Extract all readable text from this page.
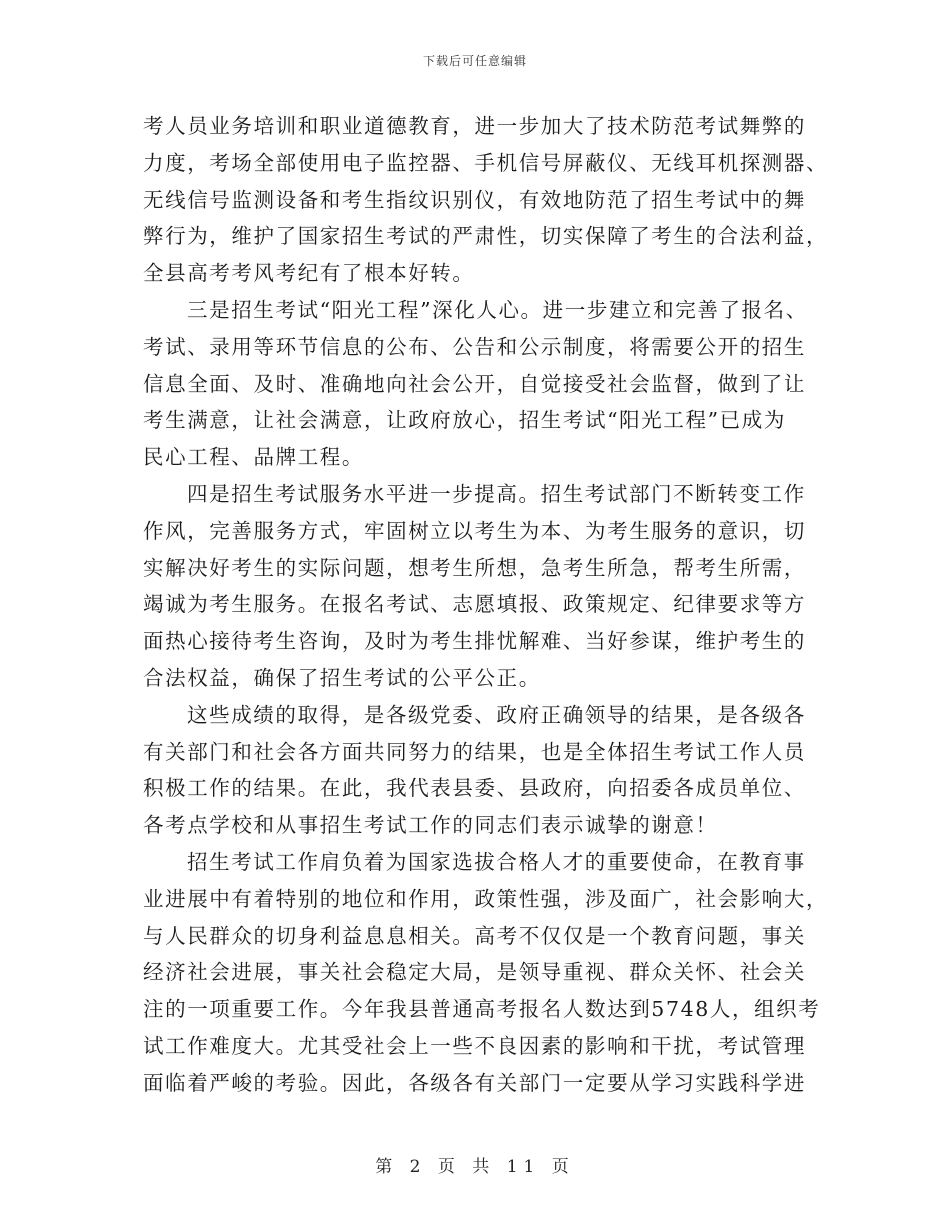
下载后可任意编辑
考人员业务培训和职业道德教育，进一步加大了技术防范考试舞弊的
力度，考场全部使用电子监控器、手机信号屏蔽仪、无线耳机探测器、
无线信号监测设备和考生指纹识别仪，有效地防范了招生考试中的舞
弊行为，维护了国家招生考试的严肃性，切实保障了考生的合法利益，
全县高考考风考纪有了根本好转。
三是招生考试“阳光工程”深化人心。进一步建立和完善了报名、
考试、录用等环节信息的公布、公告和公示制度，将需要公开的招生
信息全面、及时、准确地向社会公开，自觉接受社会监督，做到了让
考生满意，让社会满意，让政府放心，招生考试“阳光工程”已成为
民心工程、品牌工程。
四是招生考试服务水平进一步提高。招生考试部门不断转变工作
作风，完善服务方式，牢固树立以考生为本、为考生服务的意识，切
实解决好考生的实际问题，想考生所想，急考生所急，帮考生所需，
竭诚为考生服务。在报名考试、志愿填报、政策规定、纪律要求等方
面热心接待考生咨询，及时为考生排忧解难、当好参谋，维护考生的
合法权益，确保了招生考试的公平公正。
这些成绩的取得，是各级党委、政府正确领导的结果，是各级各
有关部门和社会各方面共同努力的结果，也是全体招生考试工作人员
积极工作的结果。在此，我代表县委、县政府，向招委各成员单位、
各考点学校和从事招生考试工作的同志们表示诚挚的谢意！
招生考试工作肩负着为国家选拔合格人才的重要使命，在教育事
业进展中有着特别的地位和作用，政策性强，涉及面广，社会影响大，
与人民群众的切身利益息息相关。高考不仅仅是一个教育问题，事关
经济社会进展，事关社会稳定大局，是领导重视、群众关怀、社会关
注的一项重要工作。今年我县普通高考报名人数达到5748人，组织考
试工作难度大。尤其受社会上一些不良因素的影响和干扰，考试管理
面临着严峻的考验。因此，各级各有关部门一定要从学习实践科学进
第 2 页 共 11 页
